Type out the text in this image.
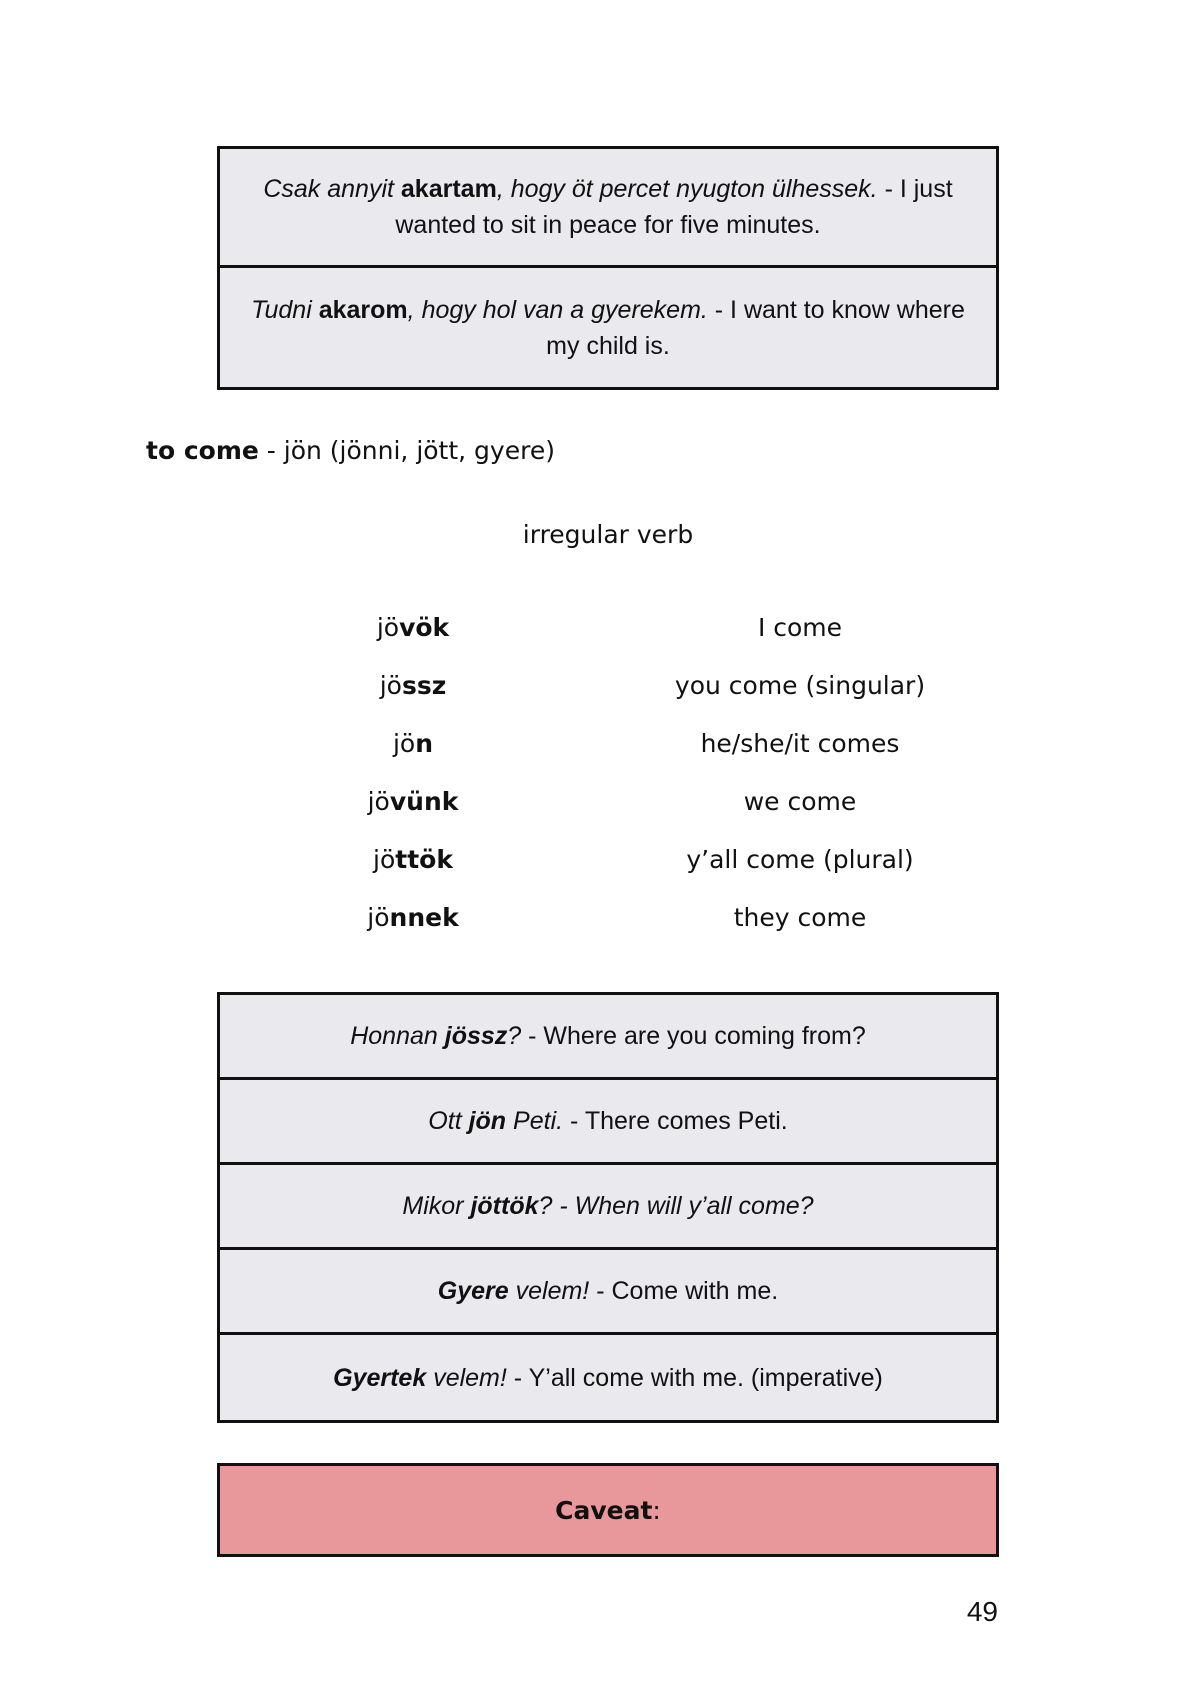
Csak annyit akartam, hogy öt percet nyugton ülhessek. - I just wanted to sit in peace for five minutes.
Tudni akarom, hogy hol van a gyerekem. - I want to know where my child is.
to come - jön (jönni, jött, gyere)
irregular verb
jövök	I come
jössz	you come (singular)
jön	he/she/it comes
jövünk	we come
jöttök	y’all come (plural)
jönnek	they come
Honnan jössz? - Where are you coming from?
Ott jön Peti. - There comes Peti.
Mikor jöttök? - When will y’all come?
Gyere velem! - Come with me.
Gyertek velem! - Y’all come with me. (imperative)
Caveat :
49
